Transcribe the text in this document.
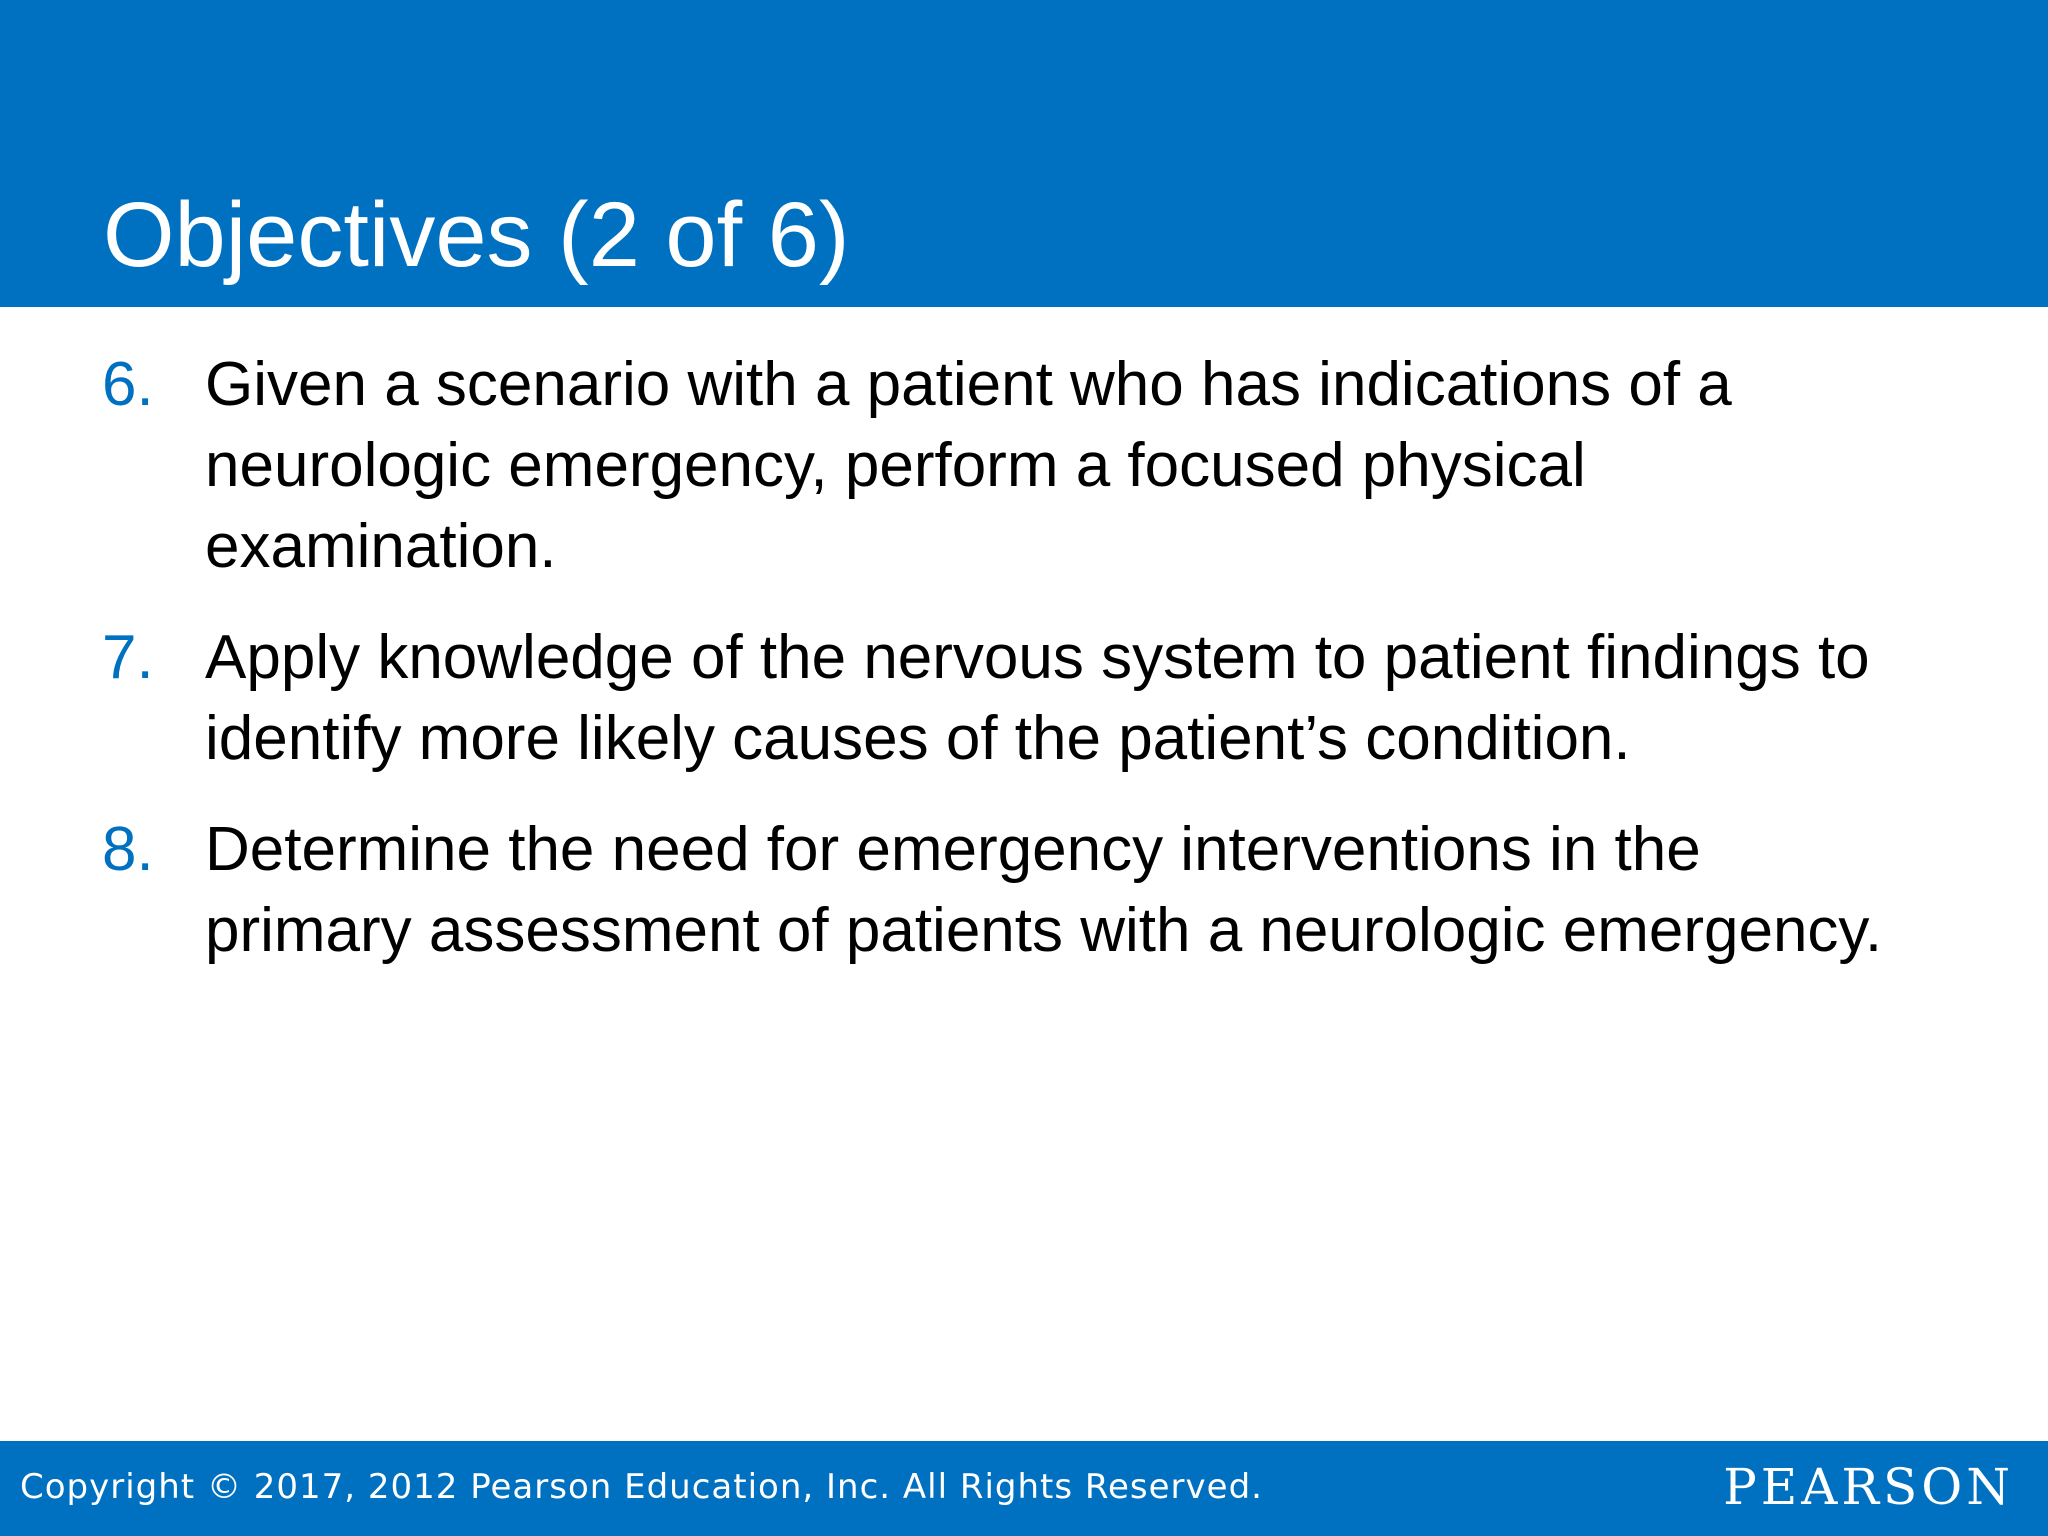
Objectives (2 of 6)
6. Given a scenario with a patient who has indications of a neurologic emergency, perform a focused physical examination.
7. Apply knowledge of the nervous system to patient findings to identify more likely causes of the patient’s condition.
8. Determine the need for emergency interventions in the primary assessment of patients with a neurologic emergency.
Copyright © 2017, 2012 Pearson Education, Inc. All Rights Reserved.	PEARSON
